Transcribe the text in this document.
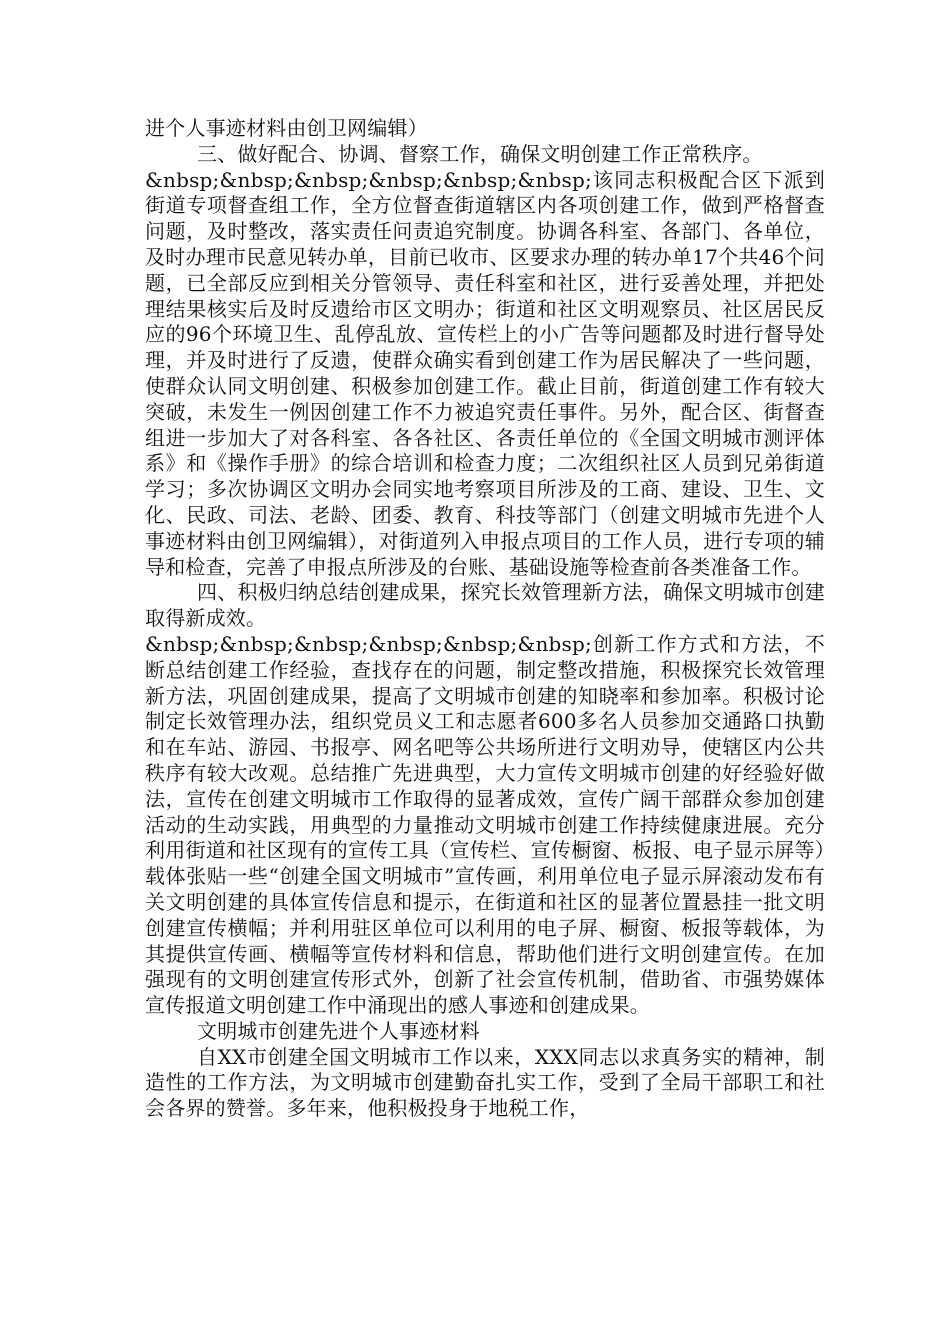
进个人事迹材料由创卫网编辑）

三、做好配合、协调、督察工作，确保文明创建工作正常秩序。

&nbsp;&nbsp;&nbsp;&nbsp;&nbsp;&nbsp;该同志积极配合区下派到街道专项督查组工作，全方位督查街道辖区内各项创建工作，做到严格督查问题，及时整改，落实责任问责追究制度。协调各科室、各部门、各单位，及时办理市民意见转办单，目前已收市、区要求办理的转办单17个共46个问题，已全部反应到相关分管领导、责任科室和社区，进行妥善处理，并把处理结果核实后及时反遗给市区文明办；街道和社区文明观察员、社区居民反应的96个环境卫生、乱停乱放、宣传栏上的小广告等问题都及时进行督导处理，并及时进行了反遗，使群众确实看到创建工作为居民解决了一些问题，使群众认同文明创建、积极参加创建工作。截止目前，街道创建工作有较大突破，未发生一例因创建工作不力被追究责任事件。另外，配合区、街督查组进一步加大了对各科室、各各社区、各责任单位的《全国文明城市测评体系》和《操作手册》的综合培训和检查力度；二次组织社区人员到兄弟街道学习；多次协调区文明办会同实地考察项目所涉及的工商、建设、卫生、文化、民政、司法、老龄、团委、教育、科技等部门（创建文明城市先进个人事迹材料由创卫网编辑），对街道列入申报点项目的工作人员，进行专项的辅导和检查，完善了申报点所涉及的台账、基础设施等检查前各类准备工作。

四、积极归纳总结创建成果，探究长效管理新方法，确保文明城市创建取得新成效。

&nbsp;&nbsp;&nbsp;&nbsp;&nbsp;&nbsp;创新工作方式和方法，不断总结创建工作经验，查找存在的问题，制定整改措施，积极探究长效管理新方法，巩固创建成果，提高了文明城市创建的知晓率和参加率。积极讨论制定长效管理办法，组织党员义工和志愿者600多名人员参加交通路口执勤和在车站、游园、书报亭、网名吧等公共场所进行文明劝导，使辖区内公共秩序有较大改观。总结推广先进典型，大力宣传文明城市创建的好经验好做法，宣传在创建文明城市工作取得的显著成效，宣传广阔干部群众参加创建活动的生动实践，用典型的力量推动文明城市创建工作持续健康进展。充分利用街道和社区现有的宣传工具（宣传栏、宣传橱窗、板报、电子显示屏等）载体张贴一些“创建全国文明城市”宣传画，利用单位电子显示屏滚动发布有关文明创建的具体宣传信息和提示，在街道和社区的显著位置悬挂一批文明创建宣传横幅；并利用驻区单位可以利用的电子屏、橱窗、板报等载体，为其提供宣传画、横幅等宣传材料和信息，帮助他们进行文明创建宣传。在加强现有的文明创建宣传形式外，创新了社会宣传机制，借助省、市强势媒体宣传报道文明创建工作中涌现出的感人事迹和创建成果。

文明城市创建先进个人事迹材料

自XX市创建全国文明城市工作以来，XXX同志以求真务实的精神，制造性的工作方法，为文明城市创建勤奋扎实工作，受到了全局干部职工和社会各界的赞誉。多年来，他积极投身于地税工作，
